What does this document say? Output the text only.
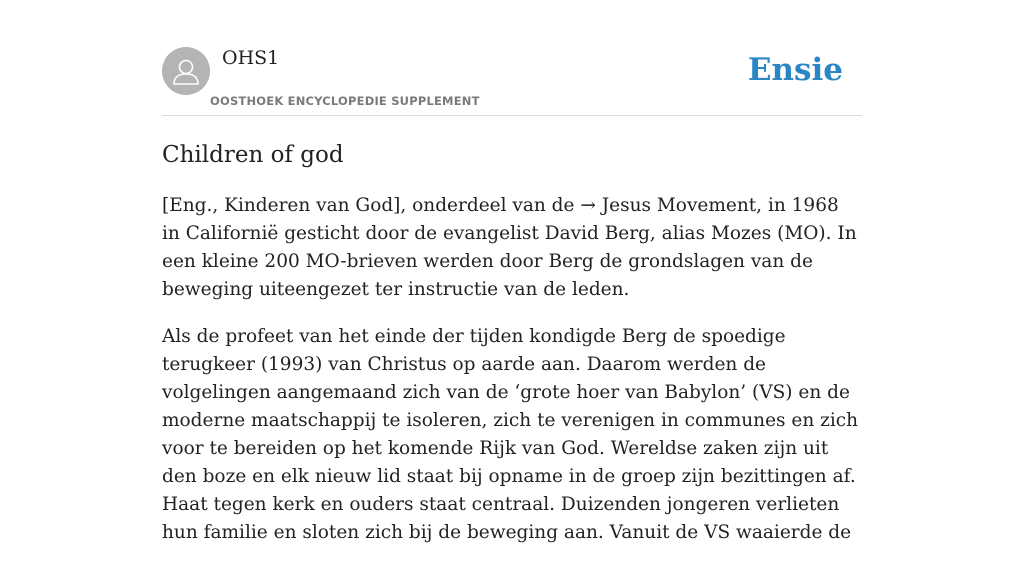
OHS1
OOSTHOEK ENCYCLOPEDIE SUPPLEMENT
Ensie
Children of god

[Eng., Kinderen van God], onderdeel van de → Jesus Movement, in 1968 in Californië gesticht door de evangelist David Berg, alias Mozes (MO). In een kleine 200 MO-brieven werden door Berg de grondslagen van de beweging uiteengezet ter instructie van de leden.

Als de profeet van het einde der tijden kondigde Berg de spoedige terugkeer (1993) van Christus op aarde aan. Daarom werden de volgelingen aangemaand zich van de ‘grote hoer van Babylon’ (VS) en de moderne maatschappij te isoleren, zich te verenigen in communes en zich voor te bereiden op het komende Rijk van God. Wereldse zaken zijn uit den boze en elk nieuw lid staat bij opname in de groep zijn bezittingen af. Haat tegen kerk en ouders staat centraal. Duizenden jongeren verlieten hun familie en sloten zich bij de beweging aan. Vanuit de VS waaierde de
